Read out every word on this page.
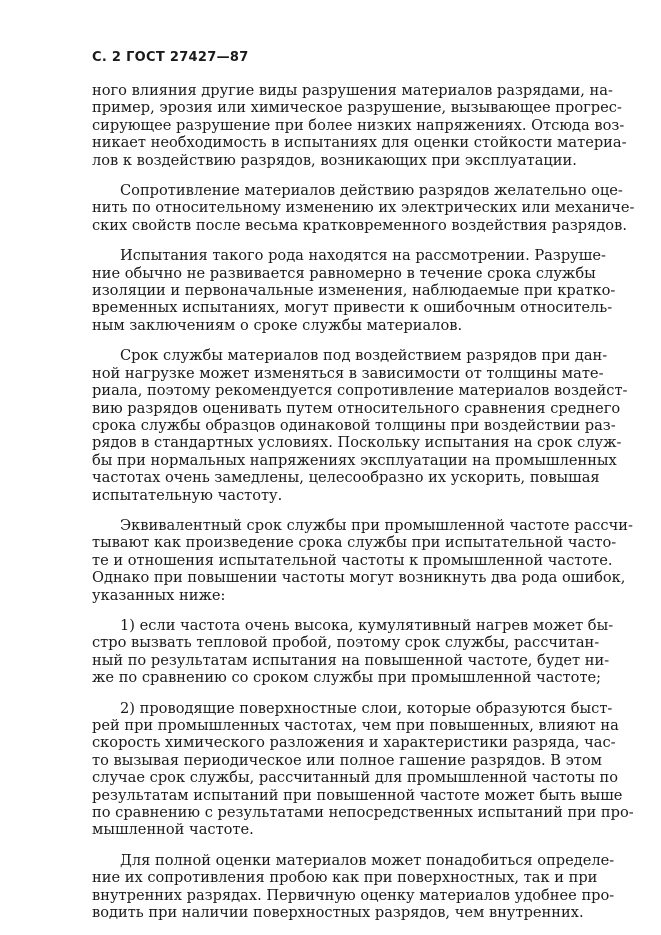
С. 2 ГОСТ 27427—87
ного влияния другие виды разрушения материалов разрядами, на-
пример, эрозия или химическое разрушение, вызывающее прогрес-
сирующее разрушение при более низких напряжениях. Отсюда воз-
никает необходимость в испытаниях для оценки стойкости материа-
лов к воздействию разрядов, возникающих при эксплуатации.
Сопротивление материалов действию разрядов желательно оце-
нить по относительному изменению их электрических или механиче-
ских свойств после весьма кратковременного воздействия разрядов.
Испытания такого рода находятся на рассмотрении. Разруше-
ние обычно не развивается равномерно в течение срока службы
изоляции и первоначальные изменения, наблюдаемые при кратко-
временных испытаниях, могут привести к ошибочным относитель-
ным заключениям о сроке службы материалов.
Срок службы материалов под воздействием разрядов при дан-
ной нагрузке может изменяться в зависимости от толщины мате-
риала, поэтому рекомендуется сопротивление материалов воздейст-
вию разрядов оценивать путем относительного сравнения среднего
срока службы образцов одинаковой толщины при воздействии раз-
рядов в стандартных условиях. Поскольку испытания на срок служ-
бы при нормальных напряжениях эксплуатации на промышленных
частотах очень замедлены, целесообразно их ускорить, повышая
испытательную частоту.
Эквивалентный срок службы при промышленной частоте рассчи-
тывают как произведение срока службы при испытательной часто-
те и отношения испытательной частоты к промышленной частоте.
Однако при повышении частоты могут возникнуть два рода ошибок,
указанных ниже:
1) если частота очень высока, кумулятивный нагрев может бы-
стро вызвать тепловой пробой, поэтому срок службы, рассчитан-
ный по результатам испытания на повышенной частоте, будет ни-
же по сравнению со сроком службы при промышленной частоте;
2) проводящие поверхностные слои, которые образуются быст-
рей при промышленных частотах, чем при повышенных, влияют на
скорость химического разложения и характеристики разряда, час-
то вызывая периодическое или полное гашение разрядов. В этом
случае срок службы, рассчитанный для промышленной частоты по
результатам испытаний при повышенной частоте может быть выше
по сравнению с результатами непосредственных испытаний при про-
мышленной частоте.
Для полной оценки материалов может понадобиться определе-
ние их сопротивления пробою как при поверхностных, так и при
внутренних разрядах. Первичную оценку материалов удобнее про-
водить при наличии поверхностных разрядов, чем внутренних.
